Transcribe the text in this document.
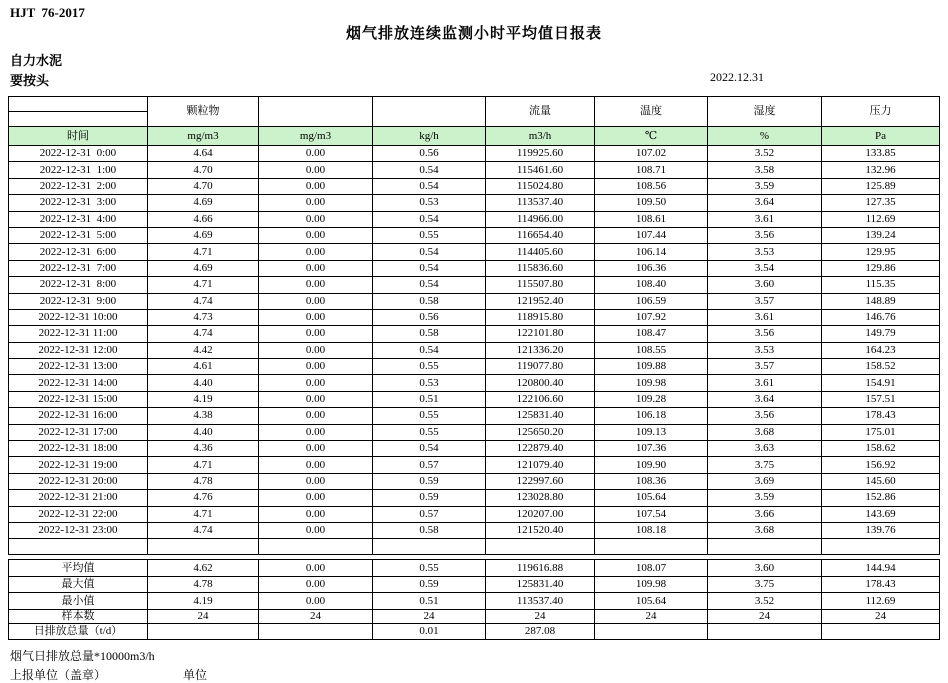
HJT  76-2017
烟气排放连续监测小时平均值日报表
自力水泥
要按头	2022.12.31
	颗粒物			流量	温度	湿度	压力
时间	mg/m3	mg/m3	kg/h	m3/h	℃	%	Pa
2022-12-31  0:00	4.64	0.00	0.56	119925.60	107.02	3.52	133.85
2022-12-31  1:00	4.70	0.00	0.54	115461.60	108.71	3.58	132.96
2022-12-31  2:00	4.70	0.00	0.54	115024.80	108.56	3.59	125.89
2022-12-31  3:00	4.69	0.00	0.53	113537.40	109.50	3.64	127.35
2022-12-31  4:00	4.66	0.00	0.54	114966.00	108.61	3.61	112.69
2022-12-31  5:00	4.69	0.00	0.55	116654.40	107.44	3.56	139.24
2022-12-31  6:00	4.71	0.00	0.54	114405.60	106.14	3.53	129.95
2022-12-31  7:00	4.69	0.00	0.54	115836.60	106.36	3.54	129.86
2022-12-31  8:00	4.71	0.00	0.54	115507.80	108.40	3.60	115.35
2022-12-31  9:00	4.74	0.00	0.58	121952.40	106.59	3.57	148.89
2022-12-31 10:00	4.73	0.00	0.56	118915.80	107.92	3.61	146.76
2022-12-31 11:00	4.74	0.00	0.58	122101.80	108.47	3.56	149.79
2022-12-31 12:00	4.42	0.00	0.54	121336.20	108.55	3.53	164.23
2022-12-31 13:00	4.61	0.00	0.55	119077.80	109.88	3.57	158.52
2022-12-31 14:00	4.40	0.00	0.53	120800.40	109.98	3.61	154.91
2022-12-31 15:00	4.19	0.00	0.51	122106.60	109.28	3.64	157.51
2022-12-31 16:00	4.38	0.00	0.55	125831.40	106.18	3.56	178.43
2022-12-31 17:00	4.40	0.00	0.55	125650.20	109.13	3.68	175.01
2022-12-31 18:00	4.36	0.00	0.54	122879.40	107.36	3.63	158.62
2022-12-31 19:00	4.71	0.00	0.57	121079.40	109.90	3.75	156.92
2022-12-31 20:00	4.78	0.00	0.59	122997.60	108.36	3.69	145.60
2022-12-31 21:00	4.76	0.00	0.59	123028.80	105.64	3.59	152.86
2022-12-31 22:00	4.71	0.00	0.57	120207.00	107.54	3.66	143.69
2022-12-31 23:00	4.74	0.00	0.58	121520.40	108.18	3.68	139.76

平均值	4.62	0.00	0.55	119616.88	108.07	3.60	144.94
最大值	4.78	0.00	0.59	125831.40	109.98	3.75	178.43
最小值	4.19	0.00	0.51	113537.40	105.64	3.52	112.69
样本数	24	24	24	24	24	24	24
日排放总量（t/d）			0.01	287.08			
烟气日排放总量*10000m3/h
上报单位（盖章）	单位
